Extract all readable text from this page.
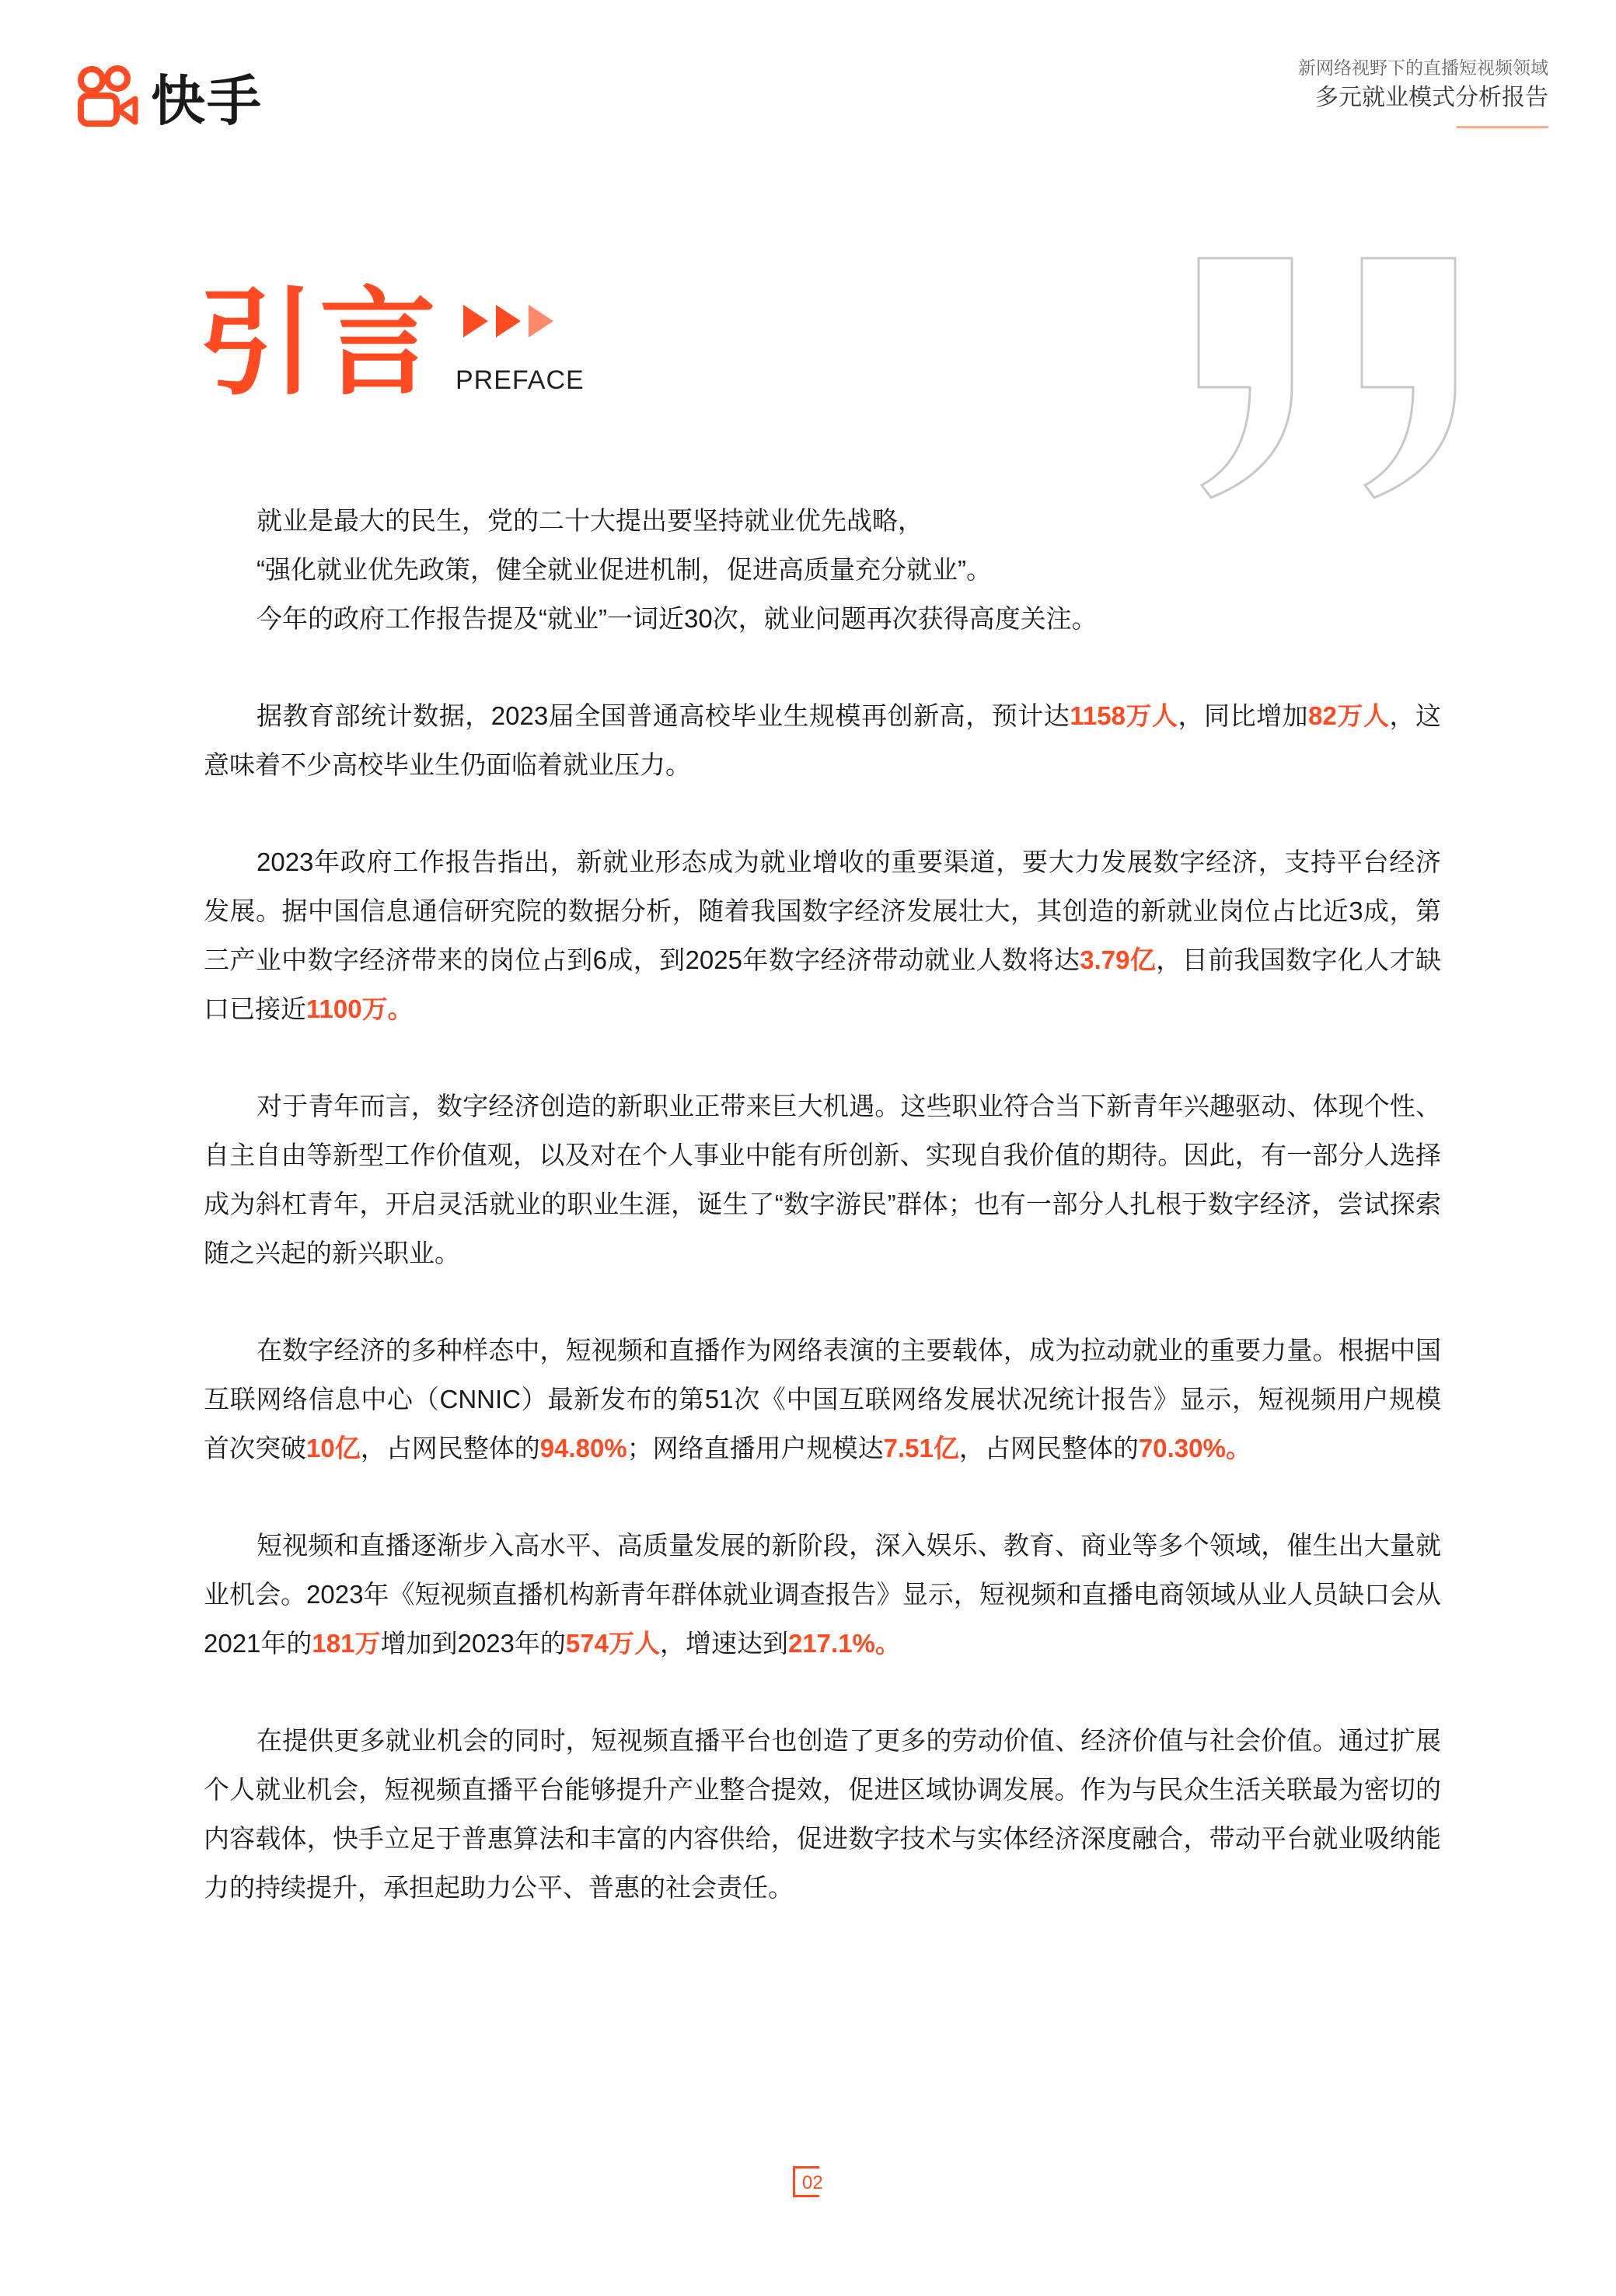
快手
新网络视野下的直播短视频领域
多元就业模式分析报告
引言 PREFACE

就业是最大的民生，党的二十大提出要坚持就业优先战略，
“强化就业优先政策，健全就业促进机制，促进高质量充分就业”。
今年的政府工作报告提及“就业”一词近30次，就业问题再次获得高度关注。

据教育部统计数据，2023届全国普通高校毕业生规模再创新高，预计达1158万人，同比增加82万人，这意味着不少高校毕业生仍面临着就业压力。

2023年政府工作报告指出，新就业形态成为就业增收的重要渠道，要大力发展数字经济，支持平台经济发展。据中国信息通信研究院的数据分析，随着我国数字经济发展壮大，其创造的新就业岗位占比近3成，第三产业中数字经济带来的岗位占到6成，到2025年数字经济带动就业人数将达3.79亿，目前我国数字化人才缺口已接近1100万。

对于青年而言，数字经济创造的新职业正带来巨大机遇。这些职业符合当下新青年兴趣驱动、体现个性、自主自由等新型工作价值观，以及对在个人事业中能有所创新、实现自我价值的期待。因此，有一部分人选择成为斜杠青年，开启灵活就业的职业生涯，诞生了“数字游民”群体；也有一部分人扎根于数字经济，尝试探索随之兴起的新兴职业。

在数字经济的多种样态中，短视频和直播作为网络表演的主要载体，成为拉动就业的重要力量。根据中国互联网络信息中心（CNNIC）最新发布的第51次《中国互联网络发展状况统计报告》显示，短视频用户规模首次突破10亿，占网民整体的94.80%；网络直播用户规模达7.51亿，占网民整体的70.30%。

短视频和直播逐渐步入高水平、高质量发展的新阶段，深入娱乐、教育、商业等多个领域，催生出大量就业机会。2023年《短视频直播机构新青年群体就业调查报告》显示，短视频和直播电商领域从业人员缺口会从2021年的181万增加到2023年的574万人，增速达到217.1%。

在提供更多就业机会的同时，短视频直播平台也创造了更多的劳动价值、经济价值与社会价值。通过扩展个人就业机会，短视频直播平台能够提升产业整合提效，促进区域协调发展。作为与民众生活关联最为密切的内容载体，快手立足于普惠算法和丰富的内容供给，促进数字技术与实体经济深度融合，带动平台就业吸纳能力的持续提升，承担起助力公平、普惠的社会责任。

02
